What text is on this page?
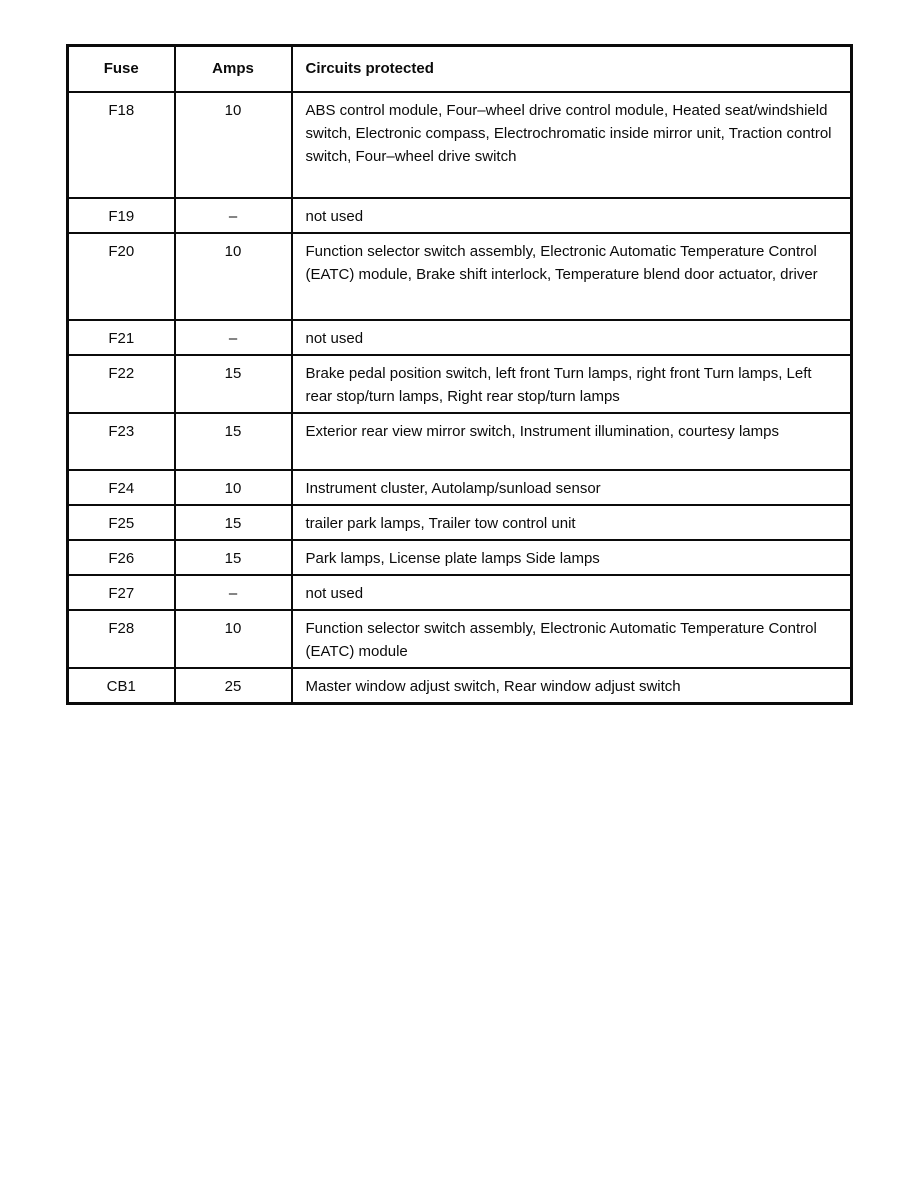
Fuse	Amps	Circuits protected
F18	10	ABS control module, Four–wheel drive control module, Heated seat/windshield switch, Electronic compass, Electrochromatic inside mirror unit, Traction control switch, Four–wheel drive switch
F19	–	not used
F20	10	Function selector switch assembly, Electronic Automatic Temperature Control (EATC) module, Brake shift interlock, Temperature blend door actuator, driver
F21	–	not used
F22	15	Brake pedal position switch, left front Turn lamps, right front Turn lamps, Left rear stop/turn lamps, Right rear stop/turn lamps
F23	15	Exterior rear view mirror switch, Instrument illumination, courtesy lamps
F24	10	Instrument cluster, Autolamp/sunload sensor
F25	15	trailer park lamps, Trailer tow control unit
F26	15	Park lamps, License plate lamps Side lamps
F27	–	not used
F28	10	Function selector switch assembly, Electronic Automatic Temperature Control (EATC) module
CB1	25	Master window adjust switch, Rear window adjust switch
